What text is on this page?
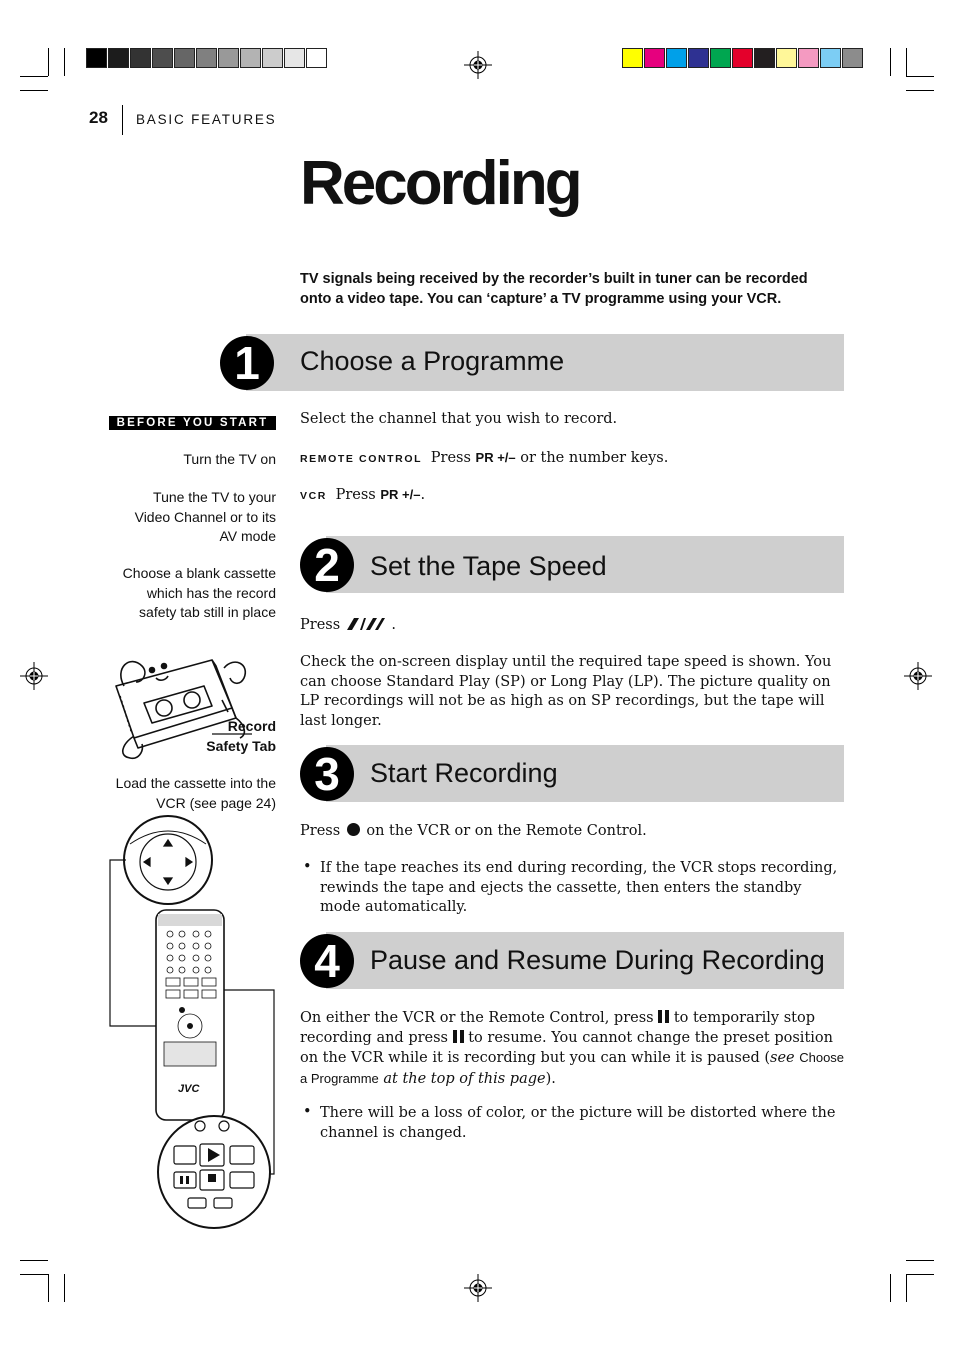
28 BASIC FEATURES
Recording
TV signals being received by the recorder’s built in tuner can be recorded onto a video tape. You can ‘capture’ a TV programme using your VCR.
1	Choose a Programme
Select the channel that you wish to record.
REMOTE CONTROL Press PR +/– or the number keys.
VCR Press PR +/–.
BEFORE YOU START
Turn the TV on
Tune the TV to your Video Channel or to its AV mode
Choose a blank cassette which has the record safety tab still in place
Record Safety Tab
Load the cassette into the VCR (see page 24)
JVC
2	Set the Tape Speed
Press	.
Check the on-screen display until the required tape speed is shown. You can choose Standard Play (SP) or Long Play (LP). The picture quality on LP recordings will not be as high as on SP recordings, but the tape will last longer.
3	Start Recording
Press on the VCR or on the Remote Control.
• If the tape reaches its end during recording, the VCR stops recording, rewinds the tape and ejects the cassette, then enters the standby mode automatically.
4	Pause and Resume During Recording
On either the VCR or the Remote Control, press to temporarily stop recording and press to resume. You cannot change the preset position on the VCR while it is recording but you can while it is paused (see Choose a Programme at the top of this page).
• There will be a loss of color, or the picture will be distorted where the channel is changed.
